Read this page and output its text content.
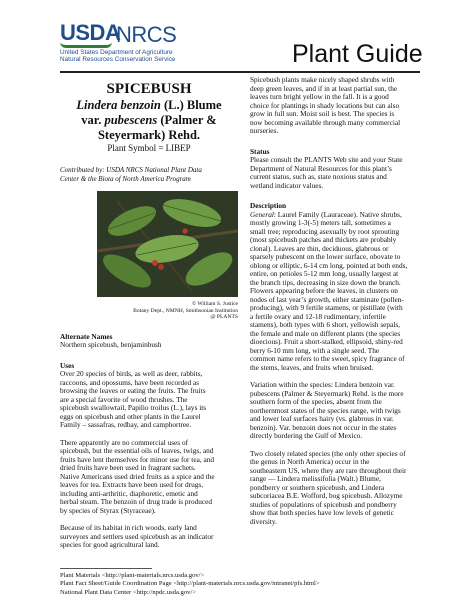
USDA
NRCS
United States Department of Agriculture
Natural Resources Conservation Service	Plant Guide
SPICEBUSH
Lindera benzoin (L.) Blume
var. pubescens (Palmer &
Steyermark) Rehd.
Plant Symbol = LIBEP
Contributed by: USDA NRCS National Plant Data
Center & the Biota of North America Program
© William S. Justice
Botany Dept., NMNH, Smithsonian Institution
@ PLANTS
Alternate Names
Northern spicebush, benjaminbush
Uses
Over 20 species of birds, as well as deer, rabbits,
raccoons, and opossums, have been recorded as
browsing the leaves or eating the fruits. The fruits
are a special favorite of wood thrushes. The
spicebush swallowtail, Papilio troilus (L.), lays its
eggs on spicebush and other plants in the Laurel
Family – sassafras, redbay, and camphortree.
There apparently are no commercial uses of
spicebush, but the essential oils of leaves, twigs, and
fruits have lent themselves for minor use for tea, and
dried fruits have been used in fragrant sachets.
Native Americans used dried fruits as a spice and the
leaves for tea. Extracts have been used for drugs,
including anti-arthritic, diaphoretic, emetic and
herbal steam. The benzoin of drug trade is produced
by species of Styrax (Styraceae).
Because of its habitat in rich woods, early land
surveyors and settlers used spicebush as an indicator
species for good agricultural land.
Spicebush plants make nicely shaped shrubs with
deep green leaves, and if in at least partial sun, the
leaves turn bright yellow in the fall. It is a good
choice for plantings in shady locations but can also
grow in full sun. Moist soil is best. The species is
now becoming available through many commercial
nurseries.
Status
Please consult the PLANTS Web site and your State
Department of Natural Resources for this plant’s
current status, such as, state noxious status and
wetland indicator values.
Description
General: Laurel Family (Lauraceae). Native shrubs,
mostly growing 1-3(-5) meters tall, sometimes a
small tree; reproducing asexually by root sprouting
(most spicebush patches and thickets are probably
clonal). Leaves are thin, deciduous, glabrous or
sparsely pubescent on the lower surface, obovate to
oblong or elliptic, 6-14 cm long, pointed at both ends,
entire, on petioles 5-12 mm long, usually largest at
the branch tips, decreasing in size down the branch.
Flowers appearing before the leaves, in clusters on
nodes of last year’s growth, either staminate (pollen-
producing), with 9 fertile stamens, or pistillate (with
a fertile ovary and 12-18 rudimentary, infertile
stamens), both types with 6 short, yellowish sepals,
the female and male on different plants (the species
dioecious). Fruit a short-stalked, ellipsoid, shiny-red
berry 6-10 mm long, with a single seed. The
common name refers to the sweet, spicy fragrance of
the stems, leaves, and fruits when bruised.
Variation within the species: Lindera benzoin var.
pubescens (Palmer & Steyermark) Rehd. is the more
southern form of the species, absent from the
northernmost states of the species range, with twigs
and lower leaf surfaces hairy (vs. glabrous in var.
benzoin). Var. benzoin does not occur in the states
directly bordering the Gulf of Mexico.
Two closely related species (the only other species of
the genus in North America) occur in the
southeastern US, where they are rare throughout their
range — Lindera melissifolia (Walt.) Blume,
pondberry or southern spicebush, and Lindera
subcoriacea B.E. Wofford, bog spicebush. Allozyme
studies of populations of spicebush and pondberry
show that both species have low levels of genetic
diversity.
Plant Materials <http://plant-materials.nrcs.usda.gov/>
Plant Fact Sheet/Guide Coordination Page <http://plant-materials.nrcs.usda.gov/intranet/pfs.html>
National Plant Data Center <http://npdc.usda.gov/>
